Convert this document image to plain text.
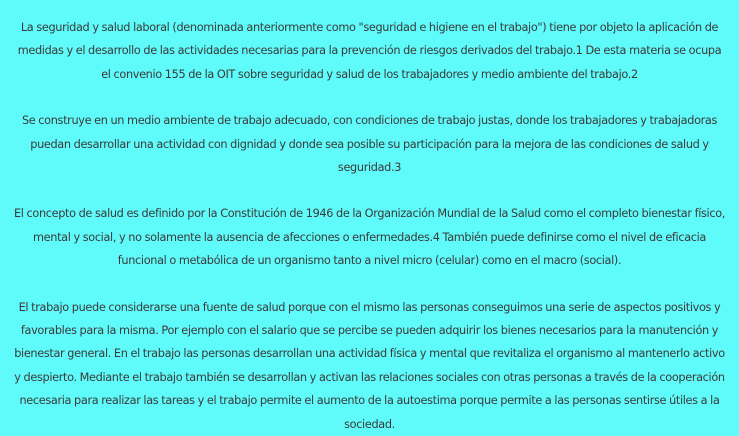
La seguridad y salud laboral (denominada anteriormente como "seguridad e higiene en el trabajo") tiene por objeto la aplicación de medidas y el desarrollo de las actividades necesarias para la prevención de riesgos derivados del trabajo.1 De esta materia se ocupa el convenio 155 de la OIT sobre seguridad y salud de los trabajadores y medio ambiente del trabajo.2

Se construye en un medio ambiente de trabajo adecuado, con condiciones de trabajo justas, donde los trabajadores y trabajadoras puedan desarrollar una actividad con dignidad y donde sea posible su participación para la mejora de las condiciones de salud y seguridad.3

El concepto de salud es definido por la Constitución de 1946 de la Organización Mundial de la Salud como el completo bienestar físico, mental y social, y no solamente la ausencia de afecciones o enfermedades.4 También puede definirse como el nivel de eficacia funcional o metabólica de un organismo tanto a nivel micro (celular) como en el macro (social).

El trabajo puede considerarse una fuente de salud porque con el mismo las personas conseguimos una serie de aspectos positivos y favorables para la misma. Por ejemplo con el salario que se percibe se pueden adquirir los bienes necesarios para la manutención y bienestar general. En el trabajo las personas desarrollan una actividad física y mental que revitaliza el organismo al mantenerlo activo y despierto. Mediante el trabajo también se desarrollan y activan las relaciones sociales con otras personas a través de la cooperación necesaria para realizar las tareas y el trabajo permite el aumento de la autoestima porque permite a las personas sentirse útiles a la sociedad.
